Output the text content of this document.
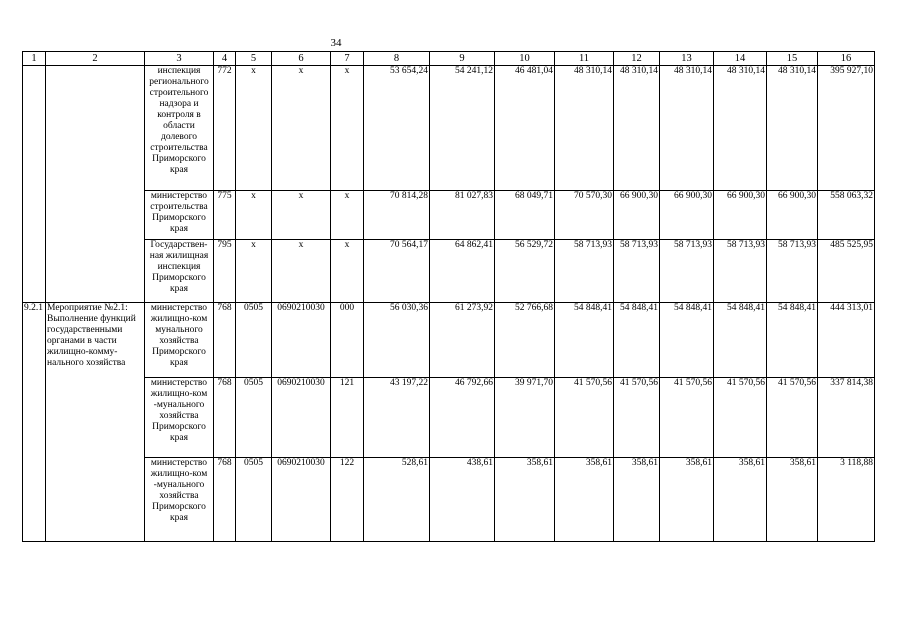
34
1	2	3	4	5	6	7	8	9	10	11	12	13	14	15	16
		инспекция регионального строительного надзора и контроля в области долевого строительства Приморского края	772	х	х	х	53 654,24	54 241,12	46 481,04	48 310,14	48 310,14	48 310,14	48 310,14	48 310,14	395 927,10
		министерство строительства Приморского края	775	х	х	х	70 814,28	81 027,83	68 049,71	70 570,30	66 900,30	66 900,30	66 900,30	66 900,30	558 063,32
		Государствен-ная жилищная инспекция Приморского края	795	х	х	х	70 564,17	64 862,41	56 529,72	58 713,93	58 713,93	58 713,93	58 713,93	58 713,93	485 525,95
9.2.1	Мероприятие №2.1: Выполнение функций государственными органами в части жилищно-комму-нального хозяйства	министерство жилищно-ком мунального хозяйства Приморского края	768	0505	0690210030	000	56 030,36	61 273,92	52 766,68	54 848,41	54 848,41	54 848,41	54 848,41	54 848,41	444 313,01
		министерство жилищно-ком -мунального хозяйства Приморского края	768	0505	0690210030	121	43 197,22	46 792,66	39 971,70	41 570,56	41 570,56	41 570,56	41 570,56	41 570,56	337 814,38
		министерство жилищно-ком -мунального хозяйства Приморского края	768	0505	0690210030	122	528,61	438,61	358,61	358,61	358,61	358,61	358,61	358,61	3 118,88
